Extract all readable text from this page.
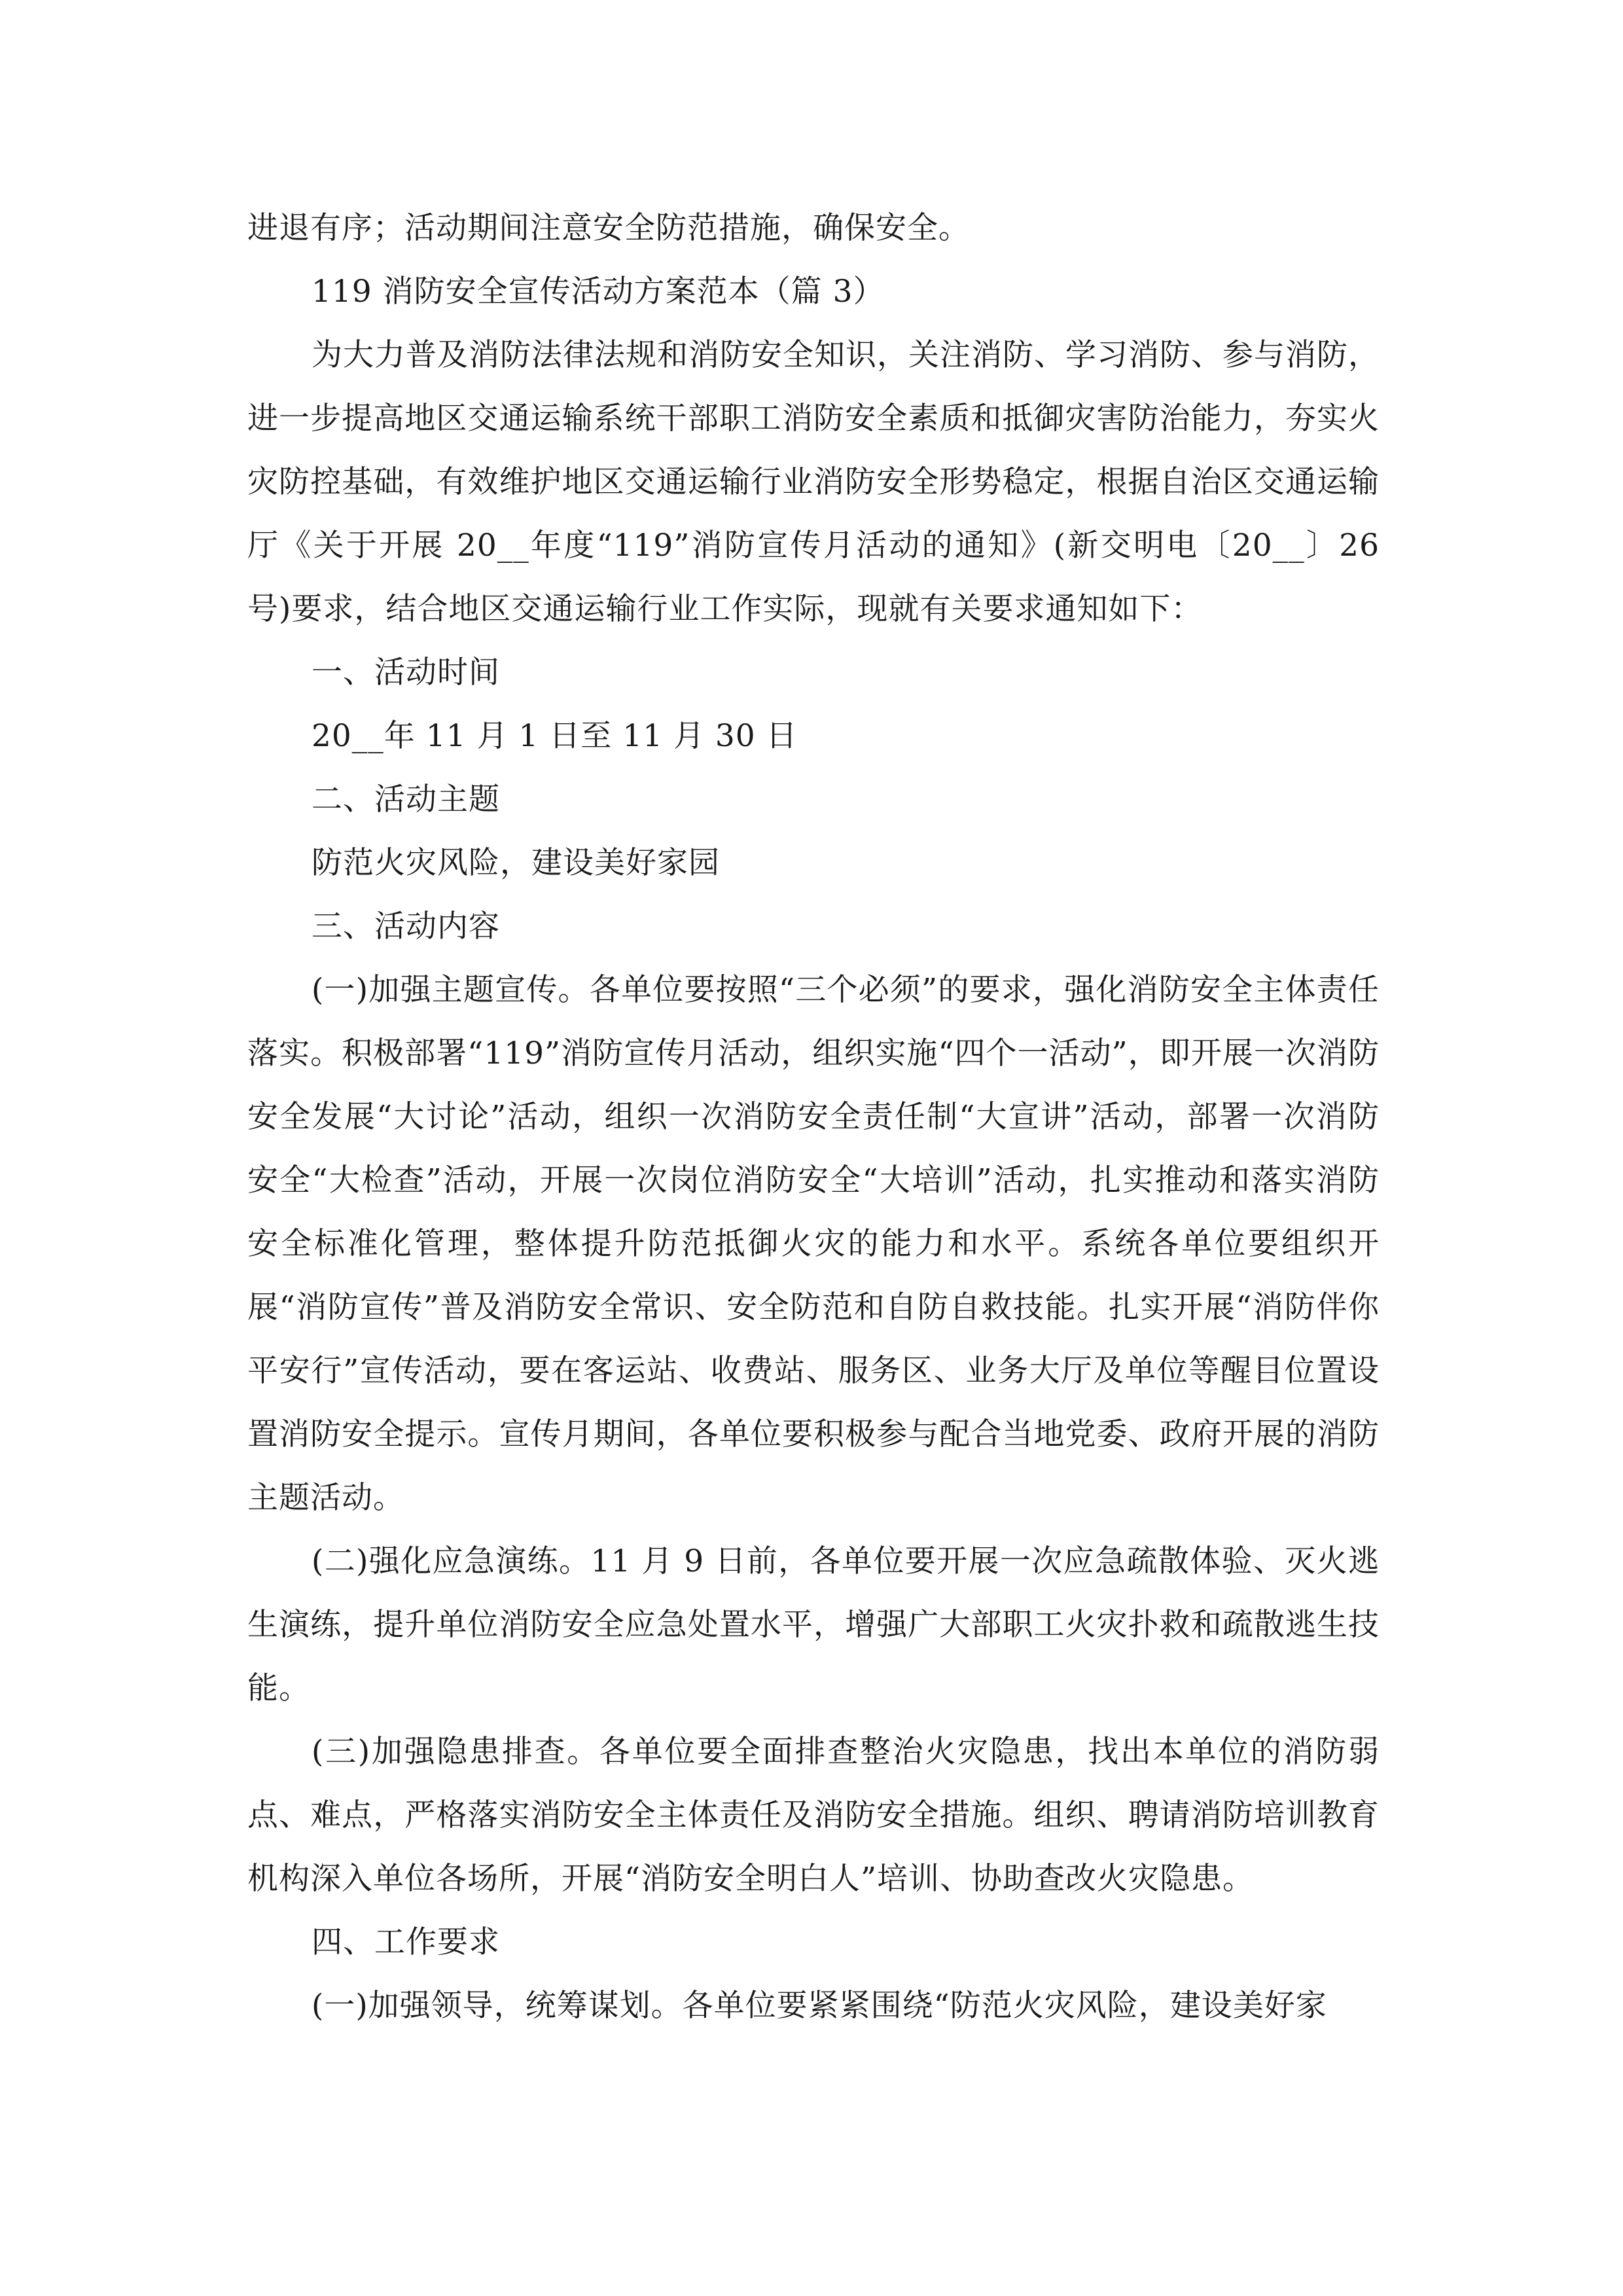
进退有序；活动期间注意安全防范措施，确保安全。

119 消防安全宣传活动方案范本（篇 3）

为大力普及消防法律法规和消防安全知识，关注消防、学习消防、参与消防，进一步提高地区交通运输系统干部职工消防安全素质和抵御灾害防治能力，夯实火灾防控基础，有效维护地区交通运输行业消防安全形势稳定，根据自治区交通运输厅《关于开展 20__年度“119”消防宣传月活动的通知》(新交明电〔20__〕26 号)要求，结合地区交通运输行业工作实际，现就有关要求通知如下：

一、活动时间

20__年 11 月 1 日至 11 月 30 日

二、活动主题

防范火灾风险，建设美好家园

三、活动内容

(一)加强主题宣传。各单位要按照“三个必须”的要求，强化消防安全主体责任落实。积极部署“119”消防宣传月活动，组织实施“四个一活动”，即开展一次消防安全发展“大讨论”活动，组织一次消防安全责任制“大宣讲”活动，部署一次消防安全“大检查”活动，开展一次岗位消防安全“大培训”活动，扎实推动和落实消防安全标准化管理，整体提升防范抵御火灾的能力和水平。系统各单位要组织开展“消防宣传”普及消防安全常识、安全防范和自防自救技能。扎实开展“消防伴你平安行”宣传活动，要在客运站、收费站、服务区、业务大厅及单位等醒目位置设置消防安全提示。宣传月期间，各单位要积极参与配合当地党委、政府开展的消防主题活动。

(二)强化应急演练。11 月 9 日前，各单位要开展一次应急疏散体验、灭火逃生演练，提升单位消防安全应急处置水平，增强广大部职工火灾扑救和疏散逃生技能。

(三)加强隐患排查。各单位要全面排查整治火灾隐患，找出本单位的消防弱点、难点，严格落实消防安全主体责任及消防安全措施。组织、聘请消防培训教育机构深入单位各场所，开展“消防安全明白人”培训、协助查改火灾隐患。

四、工作要求

(一)加强领导，统筹谋划。各单位要紧紧围绕“防范火灾风险，建设美好家
